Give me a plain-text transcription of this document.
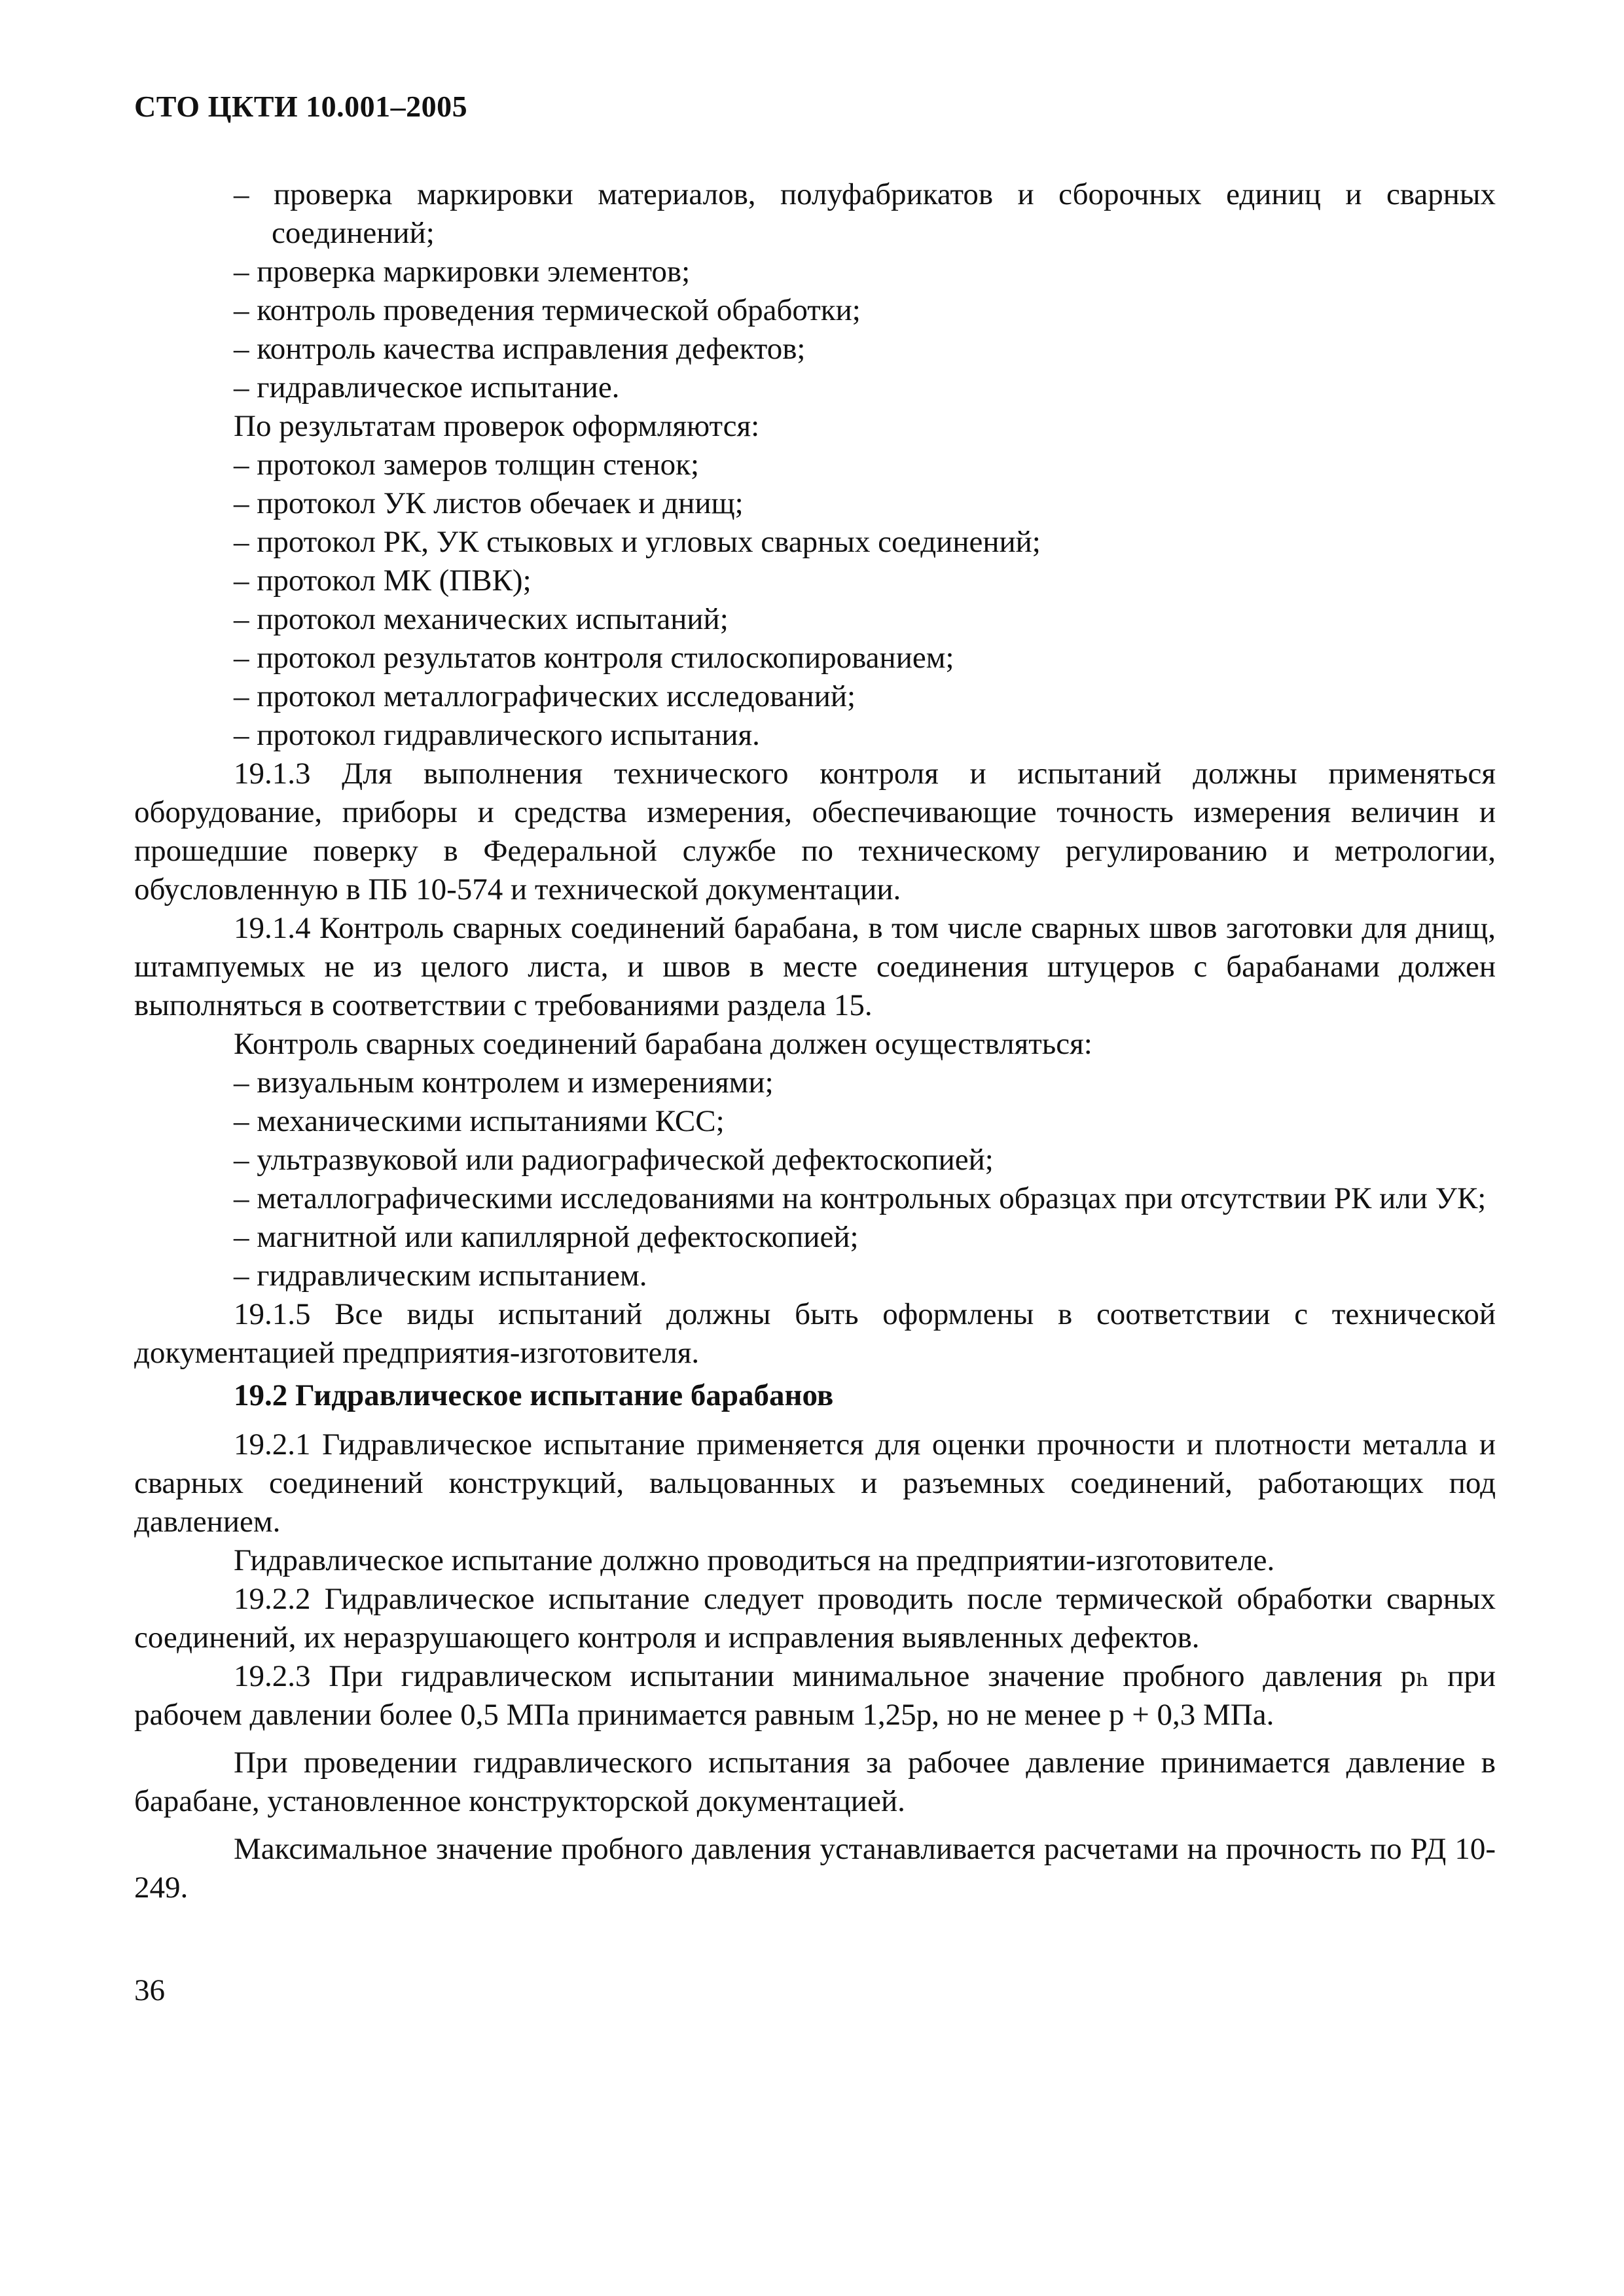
СТО ЦКТИ 10.001–2005

– проверка маркировки материалов, полуфабрикатов и сборочных единиц и сварных соединений;

– проверка маркировки элементов;

– контроль проведения термической обработки;

– контроль качества исправления дефектов;

– гидравлическое испытание.

По результатам проверок оформляются:

– протокол замеров толщин стенок;

– протокол УК листов обечаек и днищ;

– протокол РК, УК стыковых и угловых сварных соединений;

– протокол МК (ПВК);

– протокол механических испытаний;

– протокол результатов контроля стилоскопированием;

– протокол металлографических исследований;

– протокол гидравлического испытания.

19.1.3 Для выполнения технического контроля и испытаний должны применяться оборудование, приборы и средства измерения, обеспечивающие точность измерения величин и прошедшие поверку в Федеральной службе по техническому регулированию и метрологии, обусловленную в ПБ 10-574 и технической документации.

19.1.4 Контроль сварных соединений барабана, в том числе сварных швов заготовки для днищ, штампуемых не из целого листа, и швов в месте соединения штуцеров с барабанами должен выполняться в соответствии с требованиями раздела 15.

Контроль сварных соединений барабана должен осуществляться:

– визуальным контролем и измерениями;

– механическими испытаниями КСС;

– ультразвуковой или радиографической дефектоскопией;

– металлографическими исследованиями на контрольных образцах при отсутствии РК или УК;

– магнитной или капиллярной дефектоскопией;

– гидравлическим испытанием.

19.1.5 Все виды испытаний должны быть оформлены в соответствии с технической документацией предприятия-изготовителя.

19.2 Гидравлическое испытание барабанов

19.2.1 Гидравлическое испытание применяется для оценки прочности и плотности металла и сварных соединений конструкций, вальцованных и разъемных соединений, работающих под давлением.

Гидравлическое испытание должно проводиться на предприятии-изготовителе.

19.2.2 Гидравлическое испытание следует проводить после термической обработки сварных соединений, их неразрушающего контроля и исправления выявленных дефектов.

19.2.3 При гидравлическом испытании минимальное значение пробного давления pₕ при рабочем давлении более 0,5 МПа принимается равным 1,25p, но не менее p + 0,3 МПа.

При проведении гидравлического испытания за рабочее давление принимается давление в барабане, установленное конструкторской документацией.

Максимальное значение пробного давления устанавливается расчетами на прочность по РД 10-249.

36
